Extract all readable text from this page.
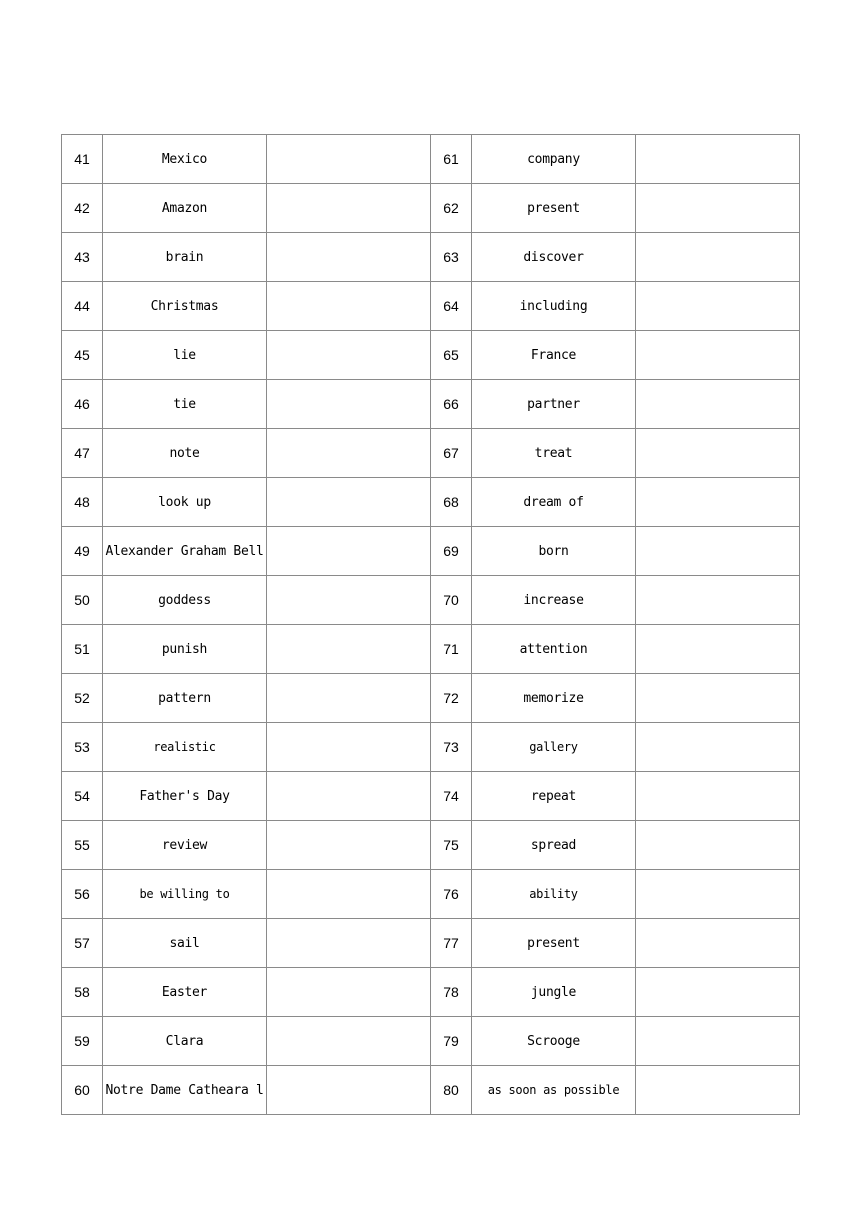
41	Mexico		61	company	
42	Amazon		62	present	
43	brain		63	discover	
44	Christmas		64	including	
45	lie		65	France	
46	tie		66	partner	
47	note		67	treat	
48	look up		68	dream of	
49	Alexander Graham Bell		69	born	
50	goddess		70	increase	
51	punish		71	attention	
52	pattern		72	memorize	
53	realistic		73	gallery	
54	Father's Day		74	repeat	
55	review		75	spread	
56	be willing to		76	ability	
57	sail		77	present	
58	Easter		78	jungle	
59	Clara		79	Scrooge	
60	Notre Dame Catheara l		80	as soon as possible	
